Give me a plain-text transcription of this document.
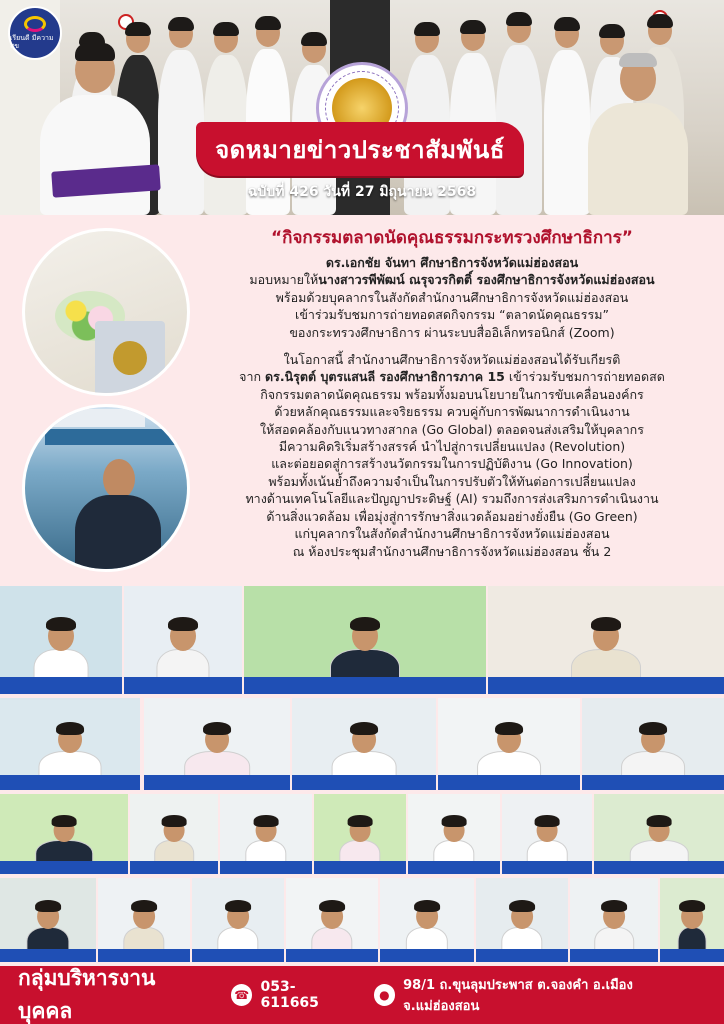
เรียนดี มีความสุข
จดหมายข่าวประชาสัมพันธ์
ฉบับที่ 426 วันที่ 27 มิถุนายน 2568
“กิจกรรมตลาดนัดคุณธรรมกระทรวงศึกษาธิการ”
ดร.เอกชัย จันทา ศึกษาธิการจังหวัดแม่ฮ่องสอน
มอบหมายให้นางสาวรพีพัฒน์ ณรุจวรกิตติ์ รองศึกษาธิการจังหวัดแม่ฮ่องสอน
พร้อมด้วยบุคลากรในสังกัดสำนักงานศึกษาธิการจังหวัดแม่ฮ่องสอน
เข้าร่วมรับชมการถ่ายทอดสดกิจกรรม “ตลาดนัดคุณธรรม”
ของกระทรวงศึกษาธิการ ผ่านระบบสื่ออิเล็กทรอนิกส์ (Zoom)
ในโอกาสนี้ สำนักงานศึกษาธิการจังหวัดแม่ฮ่องสอนได้รับเกียรติ
จาก ดร.นิรุตต์ บุตรแสนลี รองศึกษาธิการภาค 15 เข้าร่วมรับชมการถ่ายทอดสด
กิจกรรมตลาดนัดคุณธรรม พร้อมทั้งมอบนโยบายในการขับเคลื่อนองค์กร
ด้วยหลักคุณธรรมและจริยธรรม ควบคู่กับการพัฒนาการดำเนินงาน
ให้สอดคล้องกับแนวทางสากล (Go Global) ตลอดจนส่งเสริมให้บุคลากร
มีความคิดริเริ่มสร้างสรรค์ นำไปสู่การเปลี่ยนแปลง (Revolution)
และต่อยอดสู่การสร้างนวัตกรรมในการปฏิบัติงาน (Go Innovation)
พร้อมทั้งเน้นย้ำถึงความจำเป็นในการปรับตัวให้ทันต่อการเปลี่ยนแปลง
ทางด้านเทคโนโลยีและปัญญาประดิษฐ์ (AI) รวมถึงการส่งเสริมการดำเนินงาน
ด้านสิ่งแวดล้อม เพื่อมุ่งสู่การรักษาสิ่งแวดล้อมอย่างยั่งยืน (Go Green)
แก่บุคลากรในสังกัดสำนักงานศึกษาธิการจังหวัดแม่ฮ่องสอน
ณ ห้องประชุมสำนักงานศึกษาธิการจังหวัดแม่ฮ่องสอน ชั้น 2
กลุ่มบริหารงานบุคคล
☎ 053-611665	●
98/1 ถ.ขุนลุมประพาส ต.จองคำ อ.เมือง จ.แม่ฮ่องสอน
